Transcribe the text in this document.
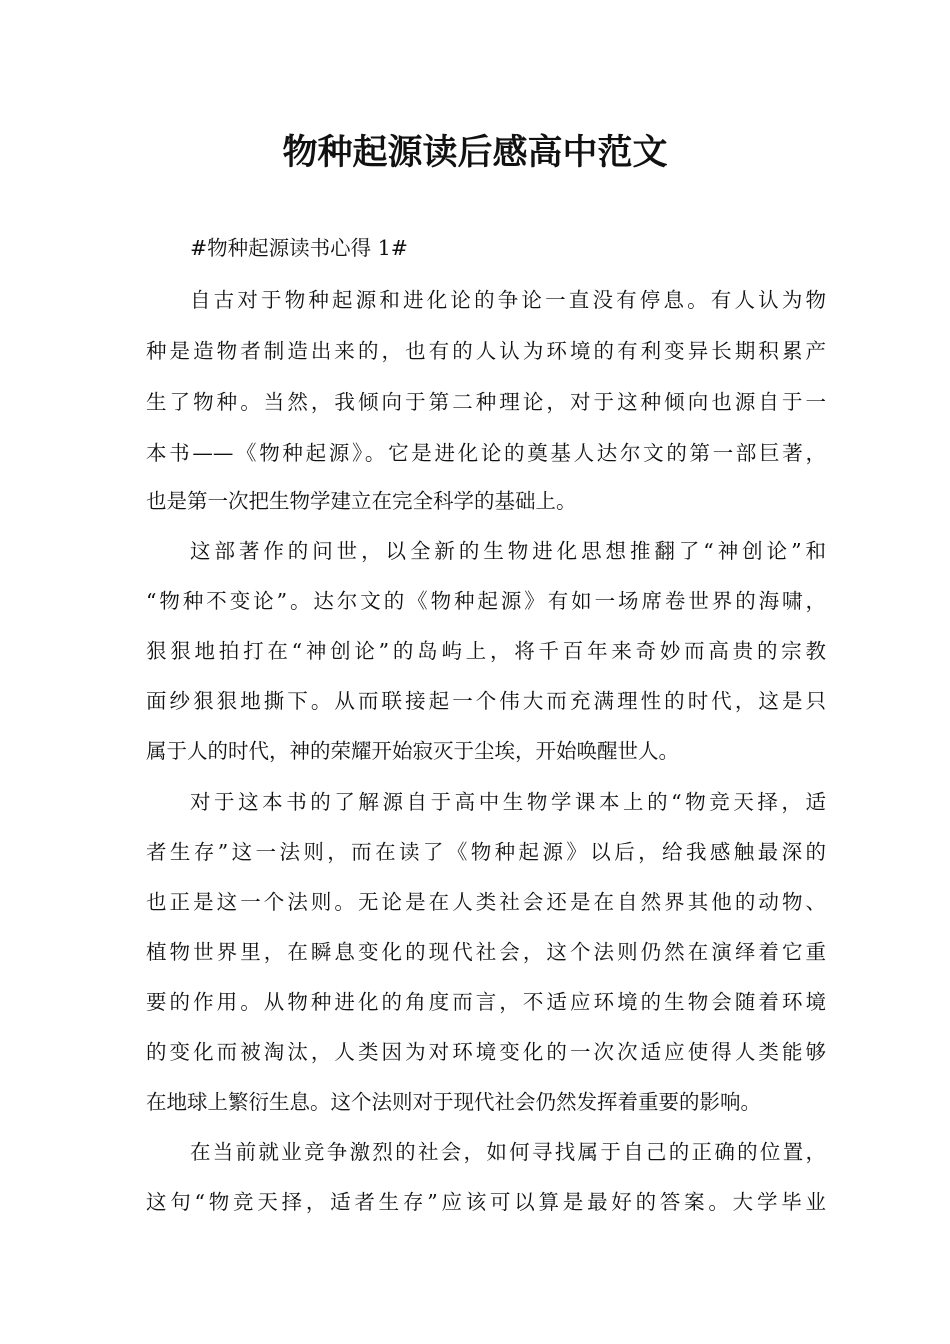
物种起源读后感高中范文
#物种起源读书心得 1#
自古对于物种起源和进化论的争论一直没有停息。有人认为物
种是造物者制造出来的，也有的人认为环境的有利变异长期积累产
生了物种。当然，我倾向于第二种理论，对于这种倾向也源自于一
本书——《物种起源》。它是进化论的奠基人达尔文的第一部巨著，
也是第一次把生物学建立在完全科学的基础上。
这部著作的问世，以全新的生物进化思想推翻了“神创论”和
“物种不变论”。达尔文的《物种起源》有如一场席卷世界的海啸，
狠狠地拍打在“神创论”的岛屿上，将千百年来奇妙而高贵的宗教
面纱狠狠地撕下。从而联接起一个伟大而充满理性的时代，这是只
属于人的时代，神的荣耀开始寂灭于尘埃，开始唤醒世人。
对于这本书的了解源自于高中生物学课本上的“物竞天择，适
者生存”这一法则，而在读了《物种起源》以后，给我感触最深的
也正是这一个法则。无论是在人类社会还是在自然界其他的动物、
植物世界里，在瞬息变化的现代社会，这个法则仍然在演绎着它重
要的作用。从物种进化的角度而言，不适应环境的生物会随着环境
的变化而被淘汰，人类因为对环境变化的一次次适应使得人类能够
在地球上繁衍生息。这个法则对于现代社会仍然发挥着重要的影响。
在当前就业竞争激烈的社会，如何寻找属于自己的正确的位置，
这句“物竞天择，适者生存”应该可以算是最好的答案。大学毕业
